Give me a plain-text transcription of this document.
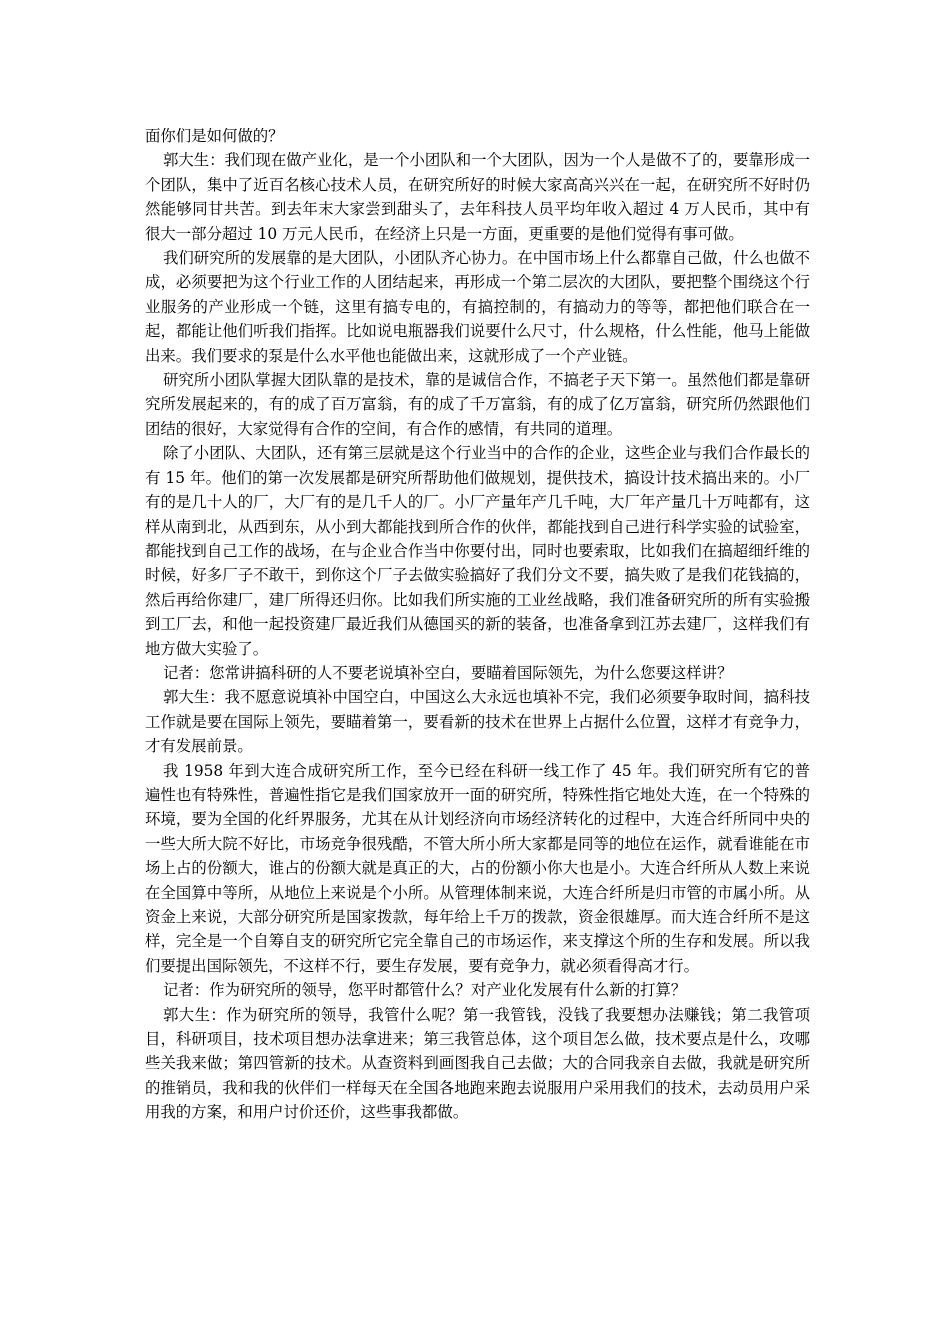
面你们是如何做的？

郭大生：我们现在做产业化，是一个小团队和一个大团队，因为一个人是做不了的，要靠形成一个团队，集中了近百名核心技术人员，在研究所好的时候大家高高兴兴在一起，在研究所不好时仍然能够同甘共苦。到去年末大家尝到甜头了，去年科技人员平均年收入超过 4 万人民币，其中有很大一部分超过 10 万元人民币，在经济上只是一方面，更重要的是他们觉得有事可做。

我们研究所的发展靠的是大团队，小团队齐心协力。在中国市场上什么都靠自己做，什么也做不成，必须要把为这个行业工作的人团结起来，再形成一个第二层次的大团队，要把整个围绕这个行业服务的产业形成一个链，这里有搞专电的，有搞控制的，有搞动力的等等，都把他们联合在一起，都能让他们听我们指挥。比如说电瓶器我们说要什么尺寸，什么规格，什么性能，他马上能做出来。我们要求的泵是什么水平他也能做出来，这就形成了一个产业链。

研究所小团队掌握大团队靠的是技术，靠的是诚信合作，不搞老子天下第一。虽然他们都是靠研究所发展起来的，有的成了百万富翁，有的成了千万富翁，有的成了亿万富翁，研究所仍然跟他们团结的很好，大家觉得有合作的空间，有合作的感情，有共同的道理。

除了小团队、大团队，还有第三层就是这个行业当中的合作的企业，这些企业与我们合作最长的有 15 年。他们的第一次发展都是研究所帮助他们做规划，提供技术，搞设计技术搞出来的。小厂有的是几十人的厂，大厂有的是几千人的厂。小厂产量年产几千吨，大厂年产量几十万吨都有，这样从南到北，从西到东，从小到大都能找到所合作的伙伴，都能找到自己进行科学实验的试验室，都能找到自己工作的战场，在与企业合作当中你要付出，同时也要索取，比如我们在搞超细纤维的时候，好多厂子不敢干，到你这个厂子去做实验搞好了我们分文不要，搞失败了是我们花钱搞的，然后再给你建厂，建厂所得还归你。比如我们所实施的工业丝战略，我们准备研究所的所有实验搬到工厂去，和他一起投资建厂最近我们从德国买的新的装备，也准备拿到江苏去建厂，这样我们有地方做大实验了。

记者：您常讲搞科研的人不要老说填补空白，要瞄着国际领先，为什么您要这样讲？

郭大生：我不愿意说填补中国空白，中国这么大永远也填补不完，我们必须要争取时间，搞科技工作就是要在国际上领先，要瞄着第一，要看新的技术在世界上占据什么位置，这样才有竞争力，才有发展前景。

我 1958 年到大连合成研究所工作，至今已经在科研一线工作了 45 年。我们研究所有它的普遍性也有特殊性，普遍性指它是我们国家放开一面的研究所，特殊性指它地处大连，在一个特殊的环境，要为全国的化纤界服务，尤其在从计划经济向市场经济转化的过程中，大连合纤所同中央的一些大所大院不好比，市场竞争很残酷，不管大所小所大家都是同等的地位在运作，就看谁能在市场上占的份额大，谁占的份额大就是真正的大，占的份额小你大也是小。大连合纤所从人数上来说在全国算中等所，从地位上来说是个小所。从管理体制来说，大连合纤所是归市管的市属小所。从资金上来说，大部分研究所是国家拨款，每年给上千万的拨款，资金很雄厚。而大连合纤所不是这样，完全是一个自筹自支的研究所它完全靠自己的市场运作，来支撑这个所的生存和发展。所以我们要提出国际领先，不这样不行，要生存发展，要有竞争力，就必须看得高才行。

记者：作为研究所的领导，您平时都管什么？对产业化发展有什么新的打算？

郭大生：作为研究所的领导，我管什么呢？第一我管钱，没钱了我要想办法赚钱；第二我管项目，科研项目，技术项目想办法拿进来；第三我管总体，这个项目怎么做，技术要点是什么，攻哪些关我来做；第四管新的技术。从查资料到画图我自己去做；大的合同我亲自去做，我就是研究所的推销员，我和我的伙伴们一样每天在全国各地跑来跑去说服用户采用我们的技术，去动员用户采用我的方案，和用户讨价还价，这些事我都做。
